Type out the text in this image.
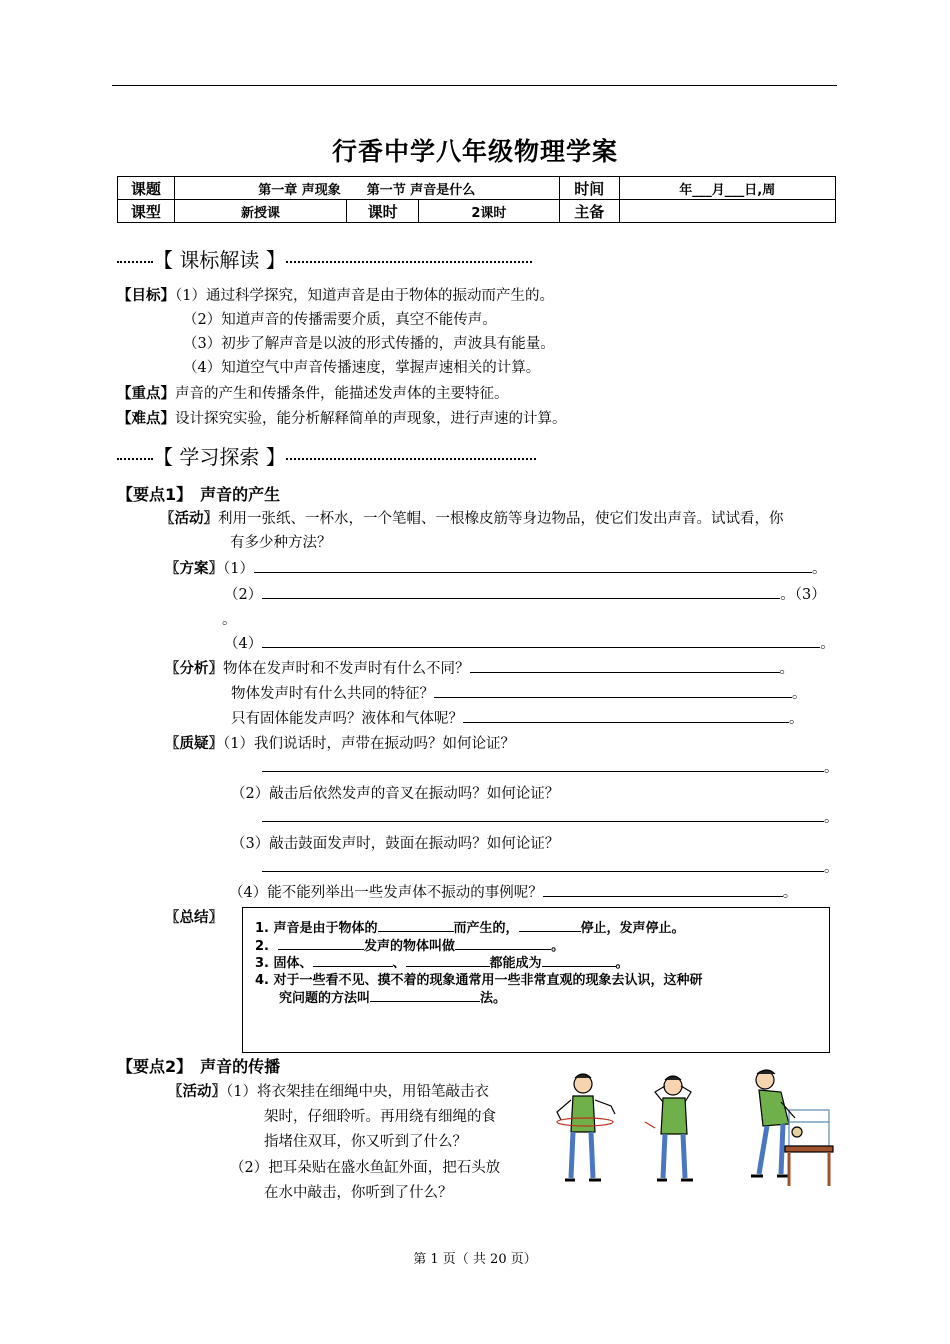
行香中学八年级物理学案
课题	第一章 声现象　　第一节 声音是什么			时间	年___月___日,周
课型	新授课	课时	2课时	主备	
【 课标解读 】
【目标】（1）通过科学探究，知道声音是由于物体的振动而产生的。
（2）知道声音的传播需要介质，真空不能传声。
（3）初步了解声音是以波的形式传播的，声波具有能量。
（4）知道空气中声音传播速度，掌握声速相关的计算。
【重点】声音的产生和传播条件，能描述发声体的主要特征。
【难点】设计探究实验，能分析解释简单的声现象，进行声速的计算。
【 学习探索 】
【要点1】　声音的产生
〖活动〗利用一张纸、一杯水，一个笔帽、一根橡皮筋等身边物品，使它们发出声音。试试看，你
有多少种方法？
〖方案〗（1）	。
（2）	。（3）
。
（4）	。
〖分析〗物体在发声时和不发声时有什么不同？	。
物体发声时有什么共同的特征？	。
只有固体能发声吗？液体和气体呢？	。
〖质疑〗（1）我们说话时，声带在振动吗？如何论证？
。
（2）敲击后依然发声的音叉在振动吗？如何论证？
。
（3）敲击鼓面发声时，鼓面在振动吗？如何论证？
。
（4）能不能列举出一些发声体不振动的事例呢？	。
〖总结〗
1. 声音是由于物体的	而产生的，	停止，发声停止。
2.	发声的物体叫做	。
3. 固体、	、	都能成为	。
4. 对于一些看不见、摸不着的现象通常用一些非常直观的现象去认识，这种研
究问题的方法叫	法。
【要点2】　声音的传播
〖活动〗（1）将衣架挂在细绳中央，用铅笔敲击衣
架时，仔细聆听。再用绕有细绳的食
指堵住双耳，你又听到了什么？
（2）把耳朵贴在盛水鱼缸外面，把石头放
在水中敲击，你听到了什么？
第 1 页（ 共 20 页）
